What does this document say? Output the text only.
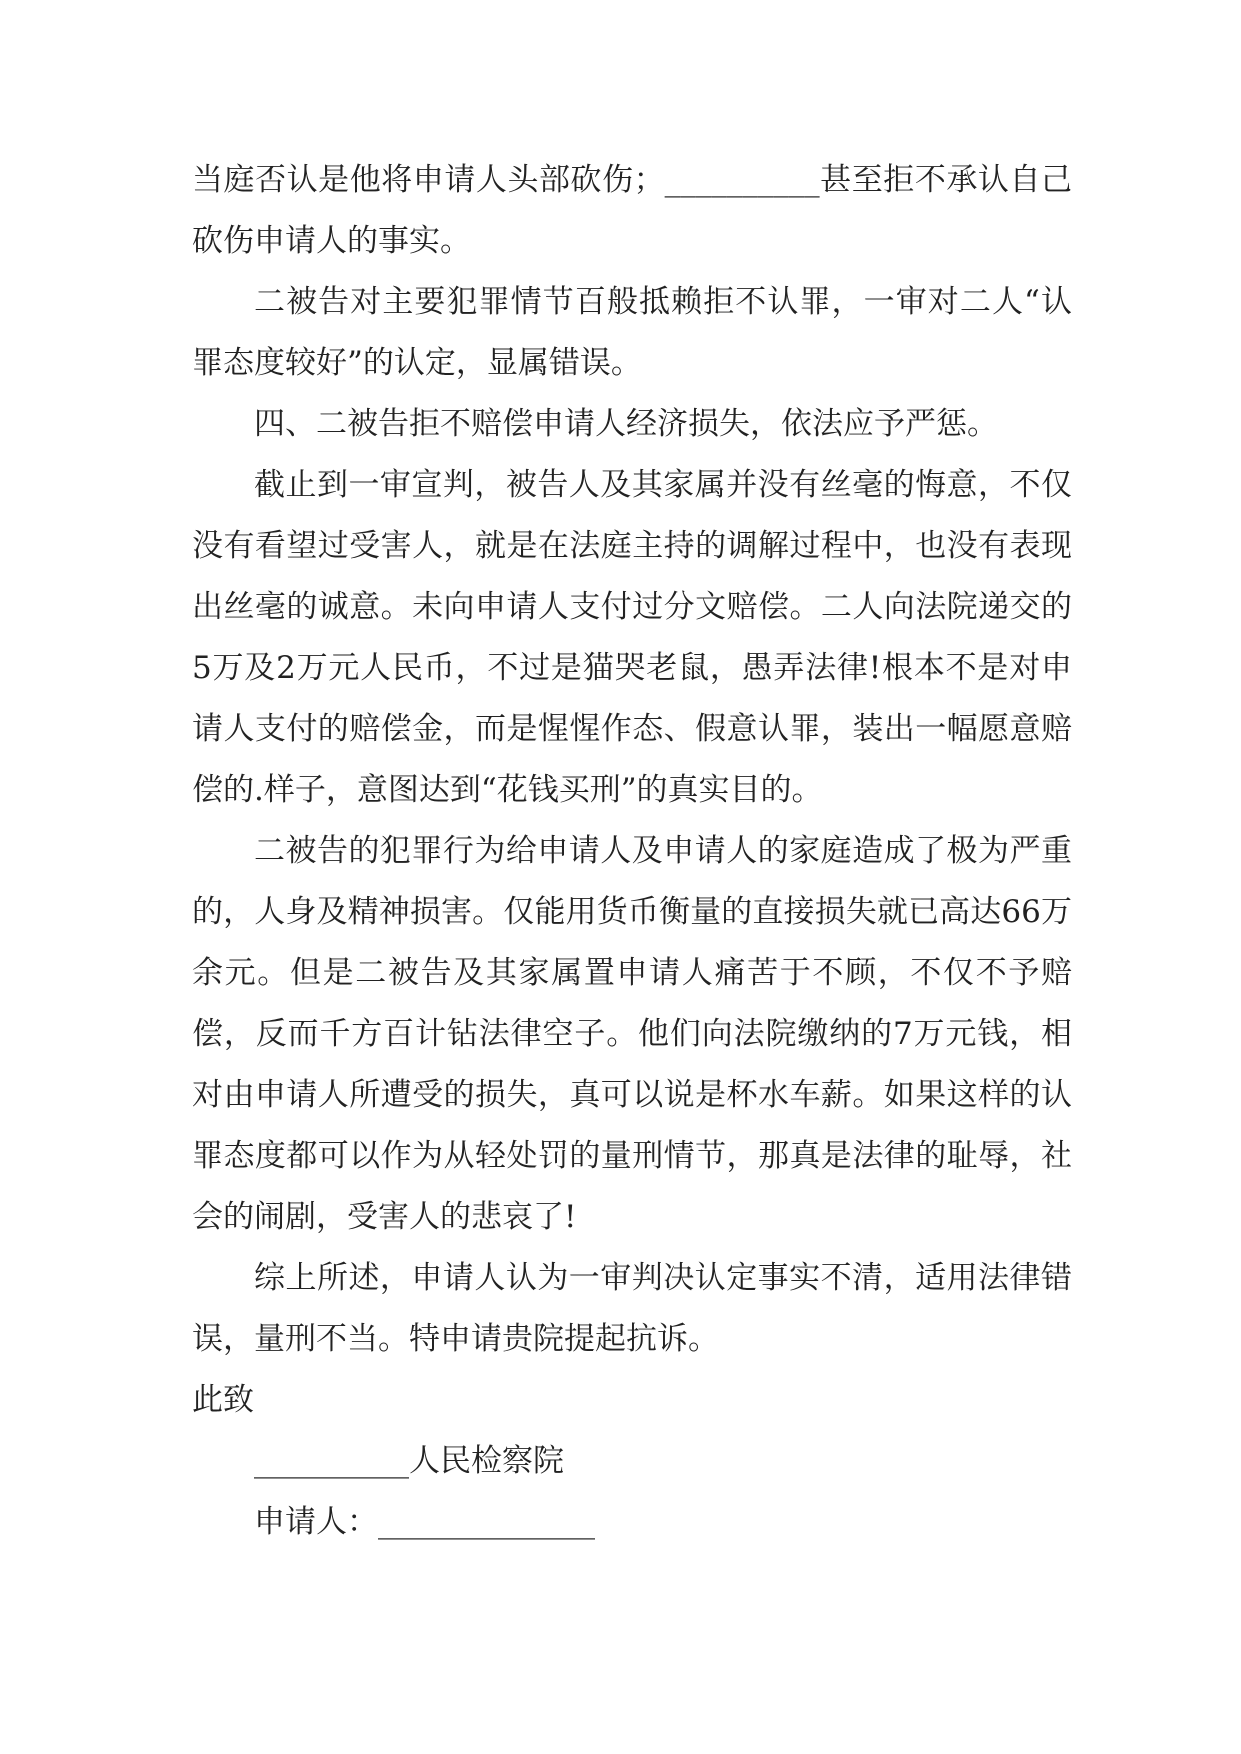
当庭否认是他将申请人头部砍伤；__________甚至拒不承认自己砍伤申请人的事实。

二被告对主要犯罪情节百般抵赖拒不认罪，一审对二人“认罪态度较好”的认定，显属错误。

四、二被告拒不赔偿申请人经济损失，依法应予严惩。

截止到一审宣判，被告人及其家属并没有丝毫的悔意，不仅没有看望过受害人，就是在法庭主持的调解过程中，也没有表现出丝毫的诚意。未向申请人支付过分文赔偿。二人向法院递交的5万及2万元人民币，不过是猫哭老鼠，愚弄法律!根本不是对申请人支付的赔偿金，而是惺惺作态、假意认罪，装出一幅愿意赔偿的.样子，意图达到“花钱买刑”的真实目的。

二被告的犯罪行为给申请人及申请人的家庭造成了极为严重的，人身及精神损害。仅能用货币衡量的直接损失就已高达66万余元。但是二被告及其家属置申请人痛苦于不顾，不仅不予赔偿，反而千方百计钻法律空子。他们向法院缴纳的7万元钱，相对由申请人所遭受的损失，真可以说是杯水车薪。如果这样的认罪态度都可以作为从轻处罚的量刑情节，那真是法律的耻辱，社会的闹剧，受害人的悲哀了!

综上所述，申请人认为一审判决认定事实不清，适用法律错误，量刑不当。特申请贵院提起抗诉。

此致

__________人民检察院

申请人：______________
